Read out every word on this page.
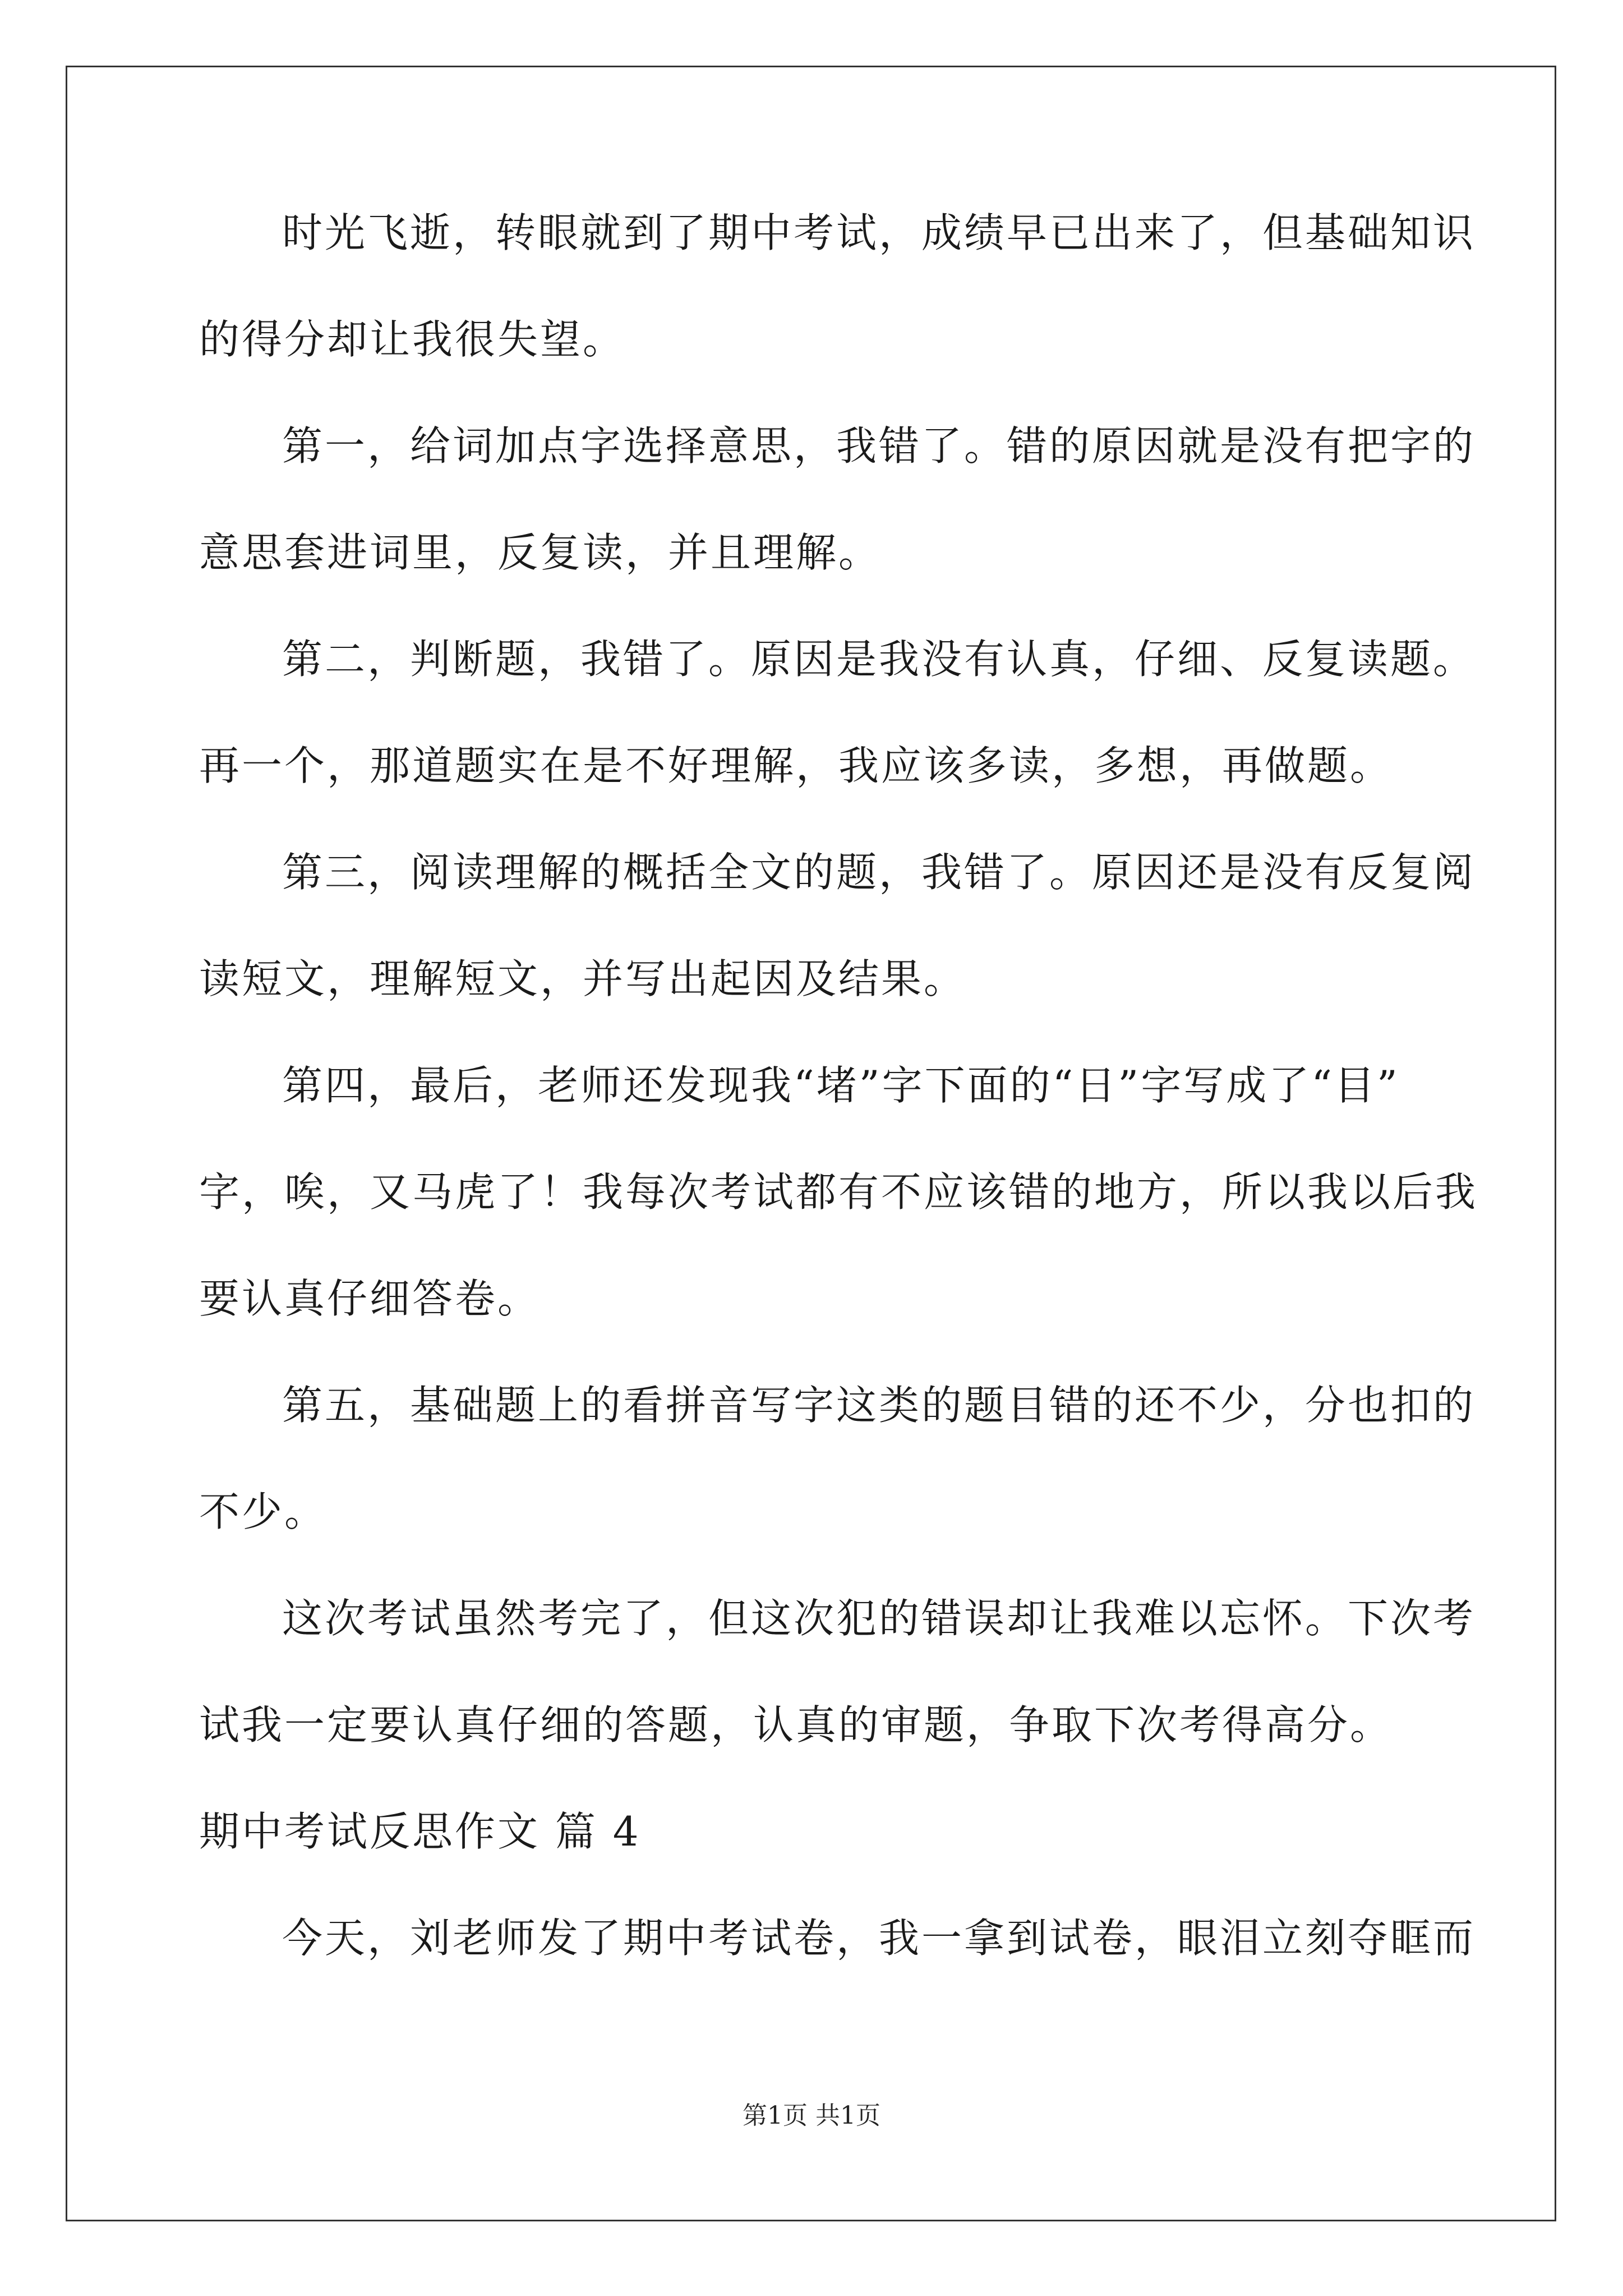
时光飞逝，转眼就到了期中考试，成绩早已出来了，但基础知识
的得分却让我很失望。
第一，给词加点字选择意思，我错了。错的原因就是没有把字的
意思套进词里，反复读，并且理解。
第二，判断题，我错了。原因是我没有认真，仔细、反复读题。
再一个，那道题实在是不好理解，我应该多读，多想，再做题。
第三，阅读理解的概括全文的题，我错了。原因还是没有反复阅
读短文，理解短文，并写出起因及结果。
第四，最后，老师还发现我“堵”字下面的“日”字写成了“目”
字，唉，又马虎了！我每次考试都有不应该错的地方，所以我以后我
要认真仔细答卷。
第五，基础题上的看拼音写字这类的题目错的还不少，分也扣的
不少。
这次考试虽然考完了，但这次犯的错误却让我难以忘怀。下次考
试我一定要认真仔细的答题，认真的审题，争取下次考得高分。
期中考试反思作文 篇 4
今天，刘老师发了期中考试卷，我一拿到试卷，眼泪立刻夺眶而
第1页 共1页
